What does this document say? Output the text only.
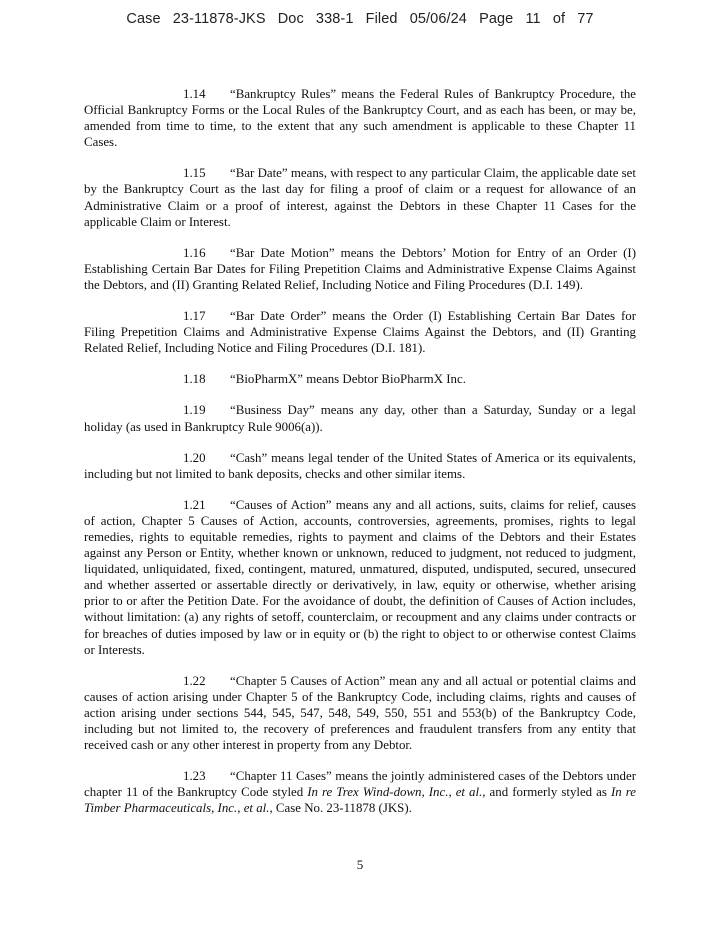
Case 23-11878-JKS Doc 338-1 Filed 05/06/24 Page 11 of 77

1.14 “Bankruptcy Rules” means the Federal Rules of Bankruptcy Procedure, the Official Bankruptcy Forms or the Local Rules of the Bankruptcy Court, and as each has been, or may be, amended from time to time, to the extent that any such amendment is applicable to these Chapter 11 Cases.

1.15 “Bar Date” means, with respect to any particular Claim, the applicable date set by the Bankruptcy Court as the last day for filing a proof of claim or a request for allowance of an Administrative Claim or a proof of interest, against the Debtors in these Chapter 11 Cases for the applicable Claim or Interest.

1.16 “Bar Date Motion” means the Debtors’ Motion for Entry of an Order (I) Establishing Certain Bar Dates for Filing Prepetition Claims and Administrative Expense Claims Against the Debtors, and (II) Granting Related Relief, Including Notice and Filing Procedures (D.I. 149).

1.17 “Bar Date Order” means the Order (I) Establishing Certain Bar Dates for Filing Prepetition Claims and Administrative Expense Claims Against the Debtors, and (II) Granting Related Relief, Including Notice and Filing Procedures (D.I. 181).

1.18 “BioPharmX” means Debtor BioPharmX Inc.

1.19 “Business Day” means any day, other than a Saturday, Sunday or a legal holiday (as used in Bankruptcy Rule 9006(a)).

1.20 “Cash” means legal tender of the United States of America or its equivalents, including but not limited to bank deposits, checks and other similar items.

1.21 “Causes of Action” means any and all actions, suits, claims for relief, causes of action, Chapter 5 Causes of Action, accounts, controversies, agreements, promises, rights to legal remedies, rights to equitable remedies, rights to payment and claims of the Debtors and their Estates against any Person or Entity, whether known or unknown, reduced to judgment, not reduced to judgment, liquidated, unliquidated, fixed, contingent, matured, unmatured, disputed, undisputed, secured, unsecured and whether asserted or assertable directly or derivatively, in law, equity or otherwise, whether arising prior to or after the Petition Date. For the avoidance of doubt, the definition of Causes of Action includes, without limitation: (a) any rights of setoff, counterclaim, or recoupment and any claims under contracts or for breaches of duties imposed by law or in equity or (b) the right to object to or otherwise contest Claims or Interests.

1.22 “Chapter 5 Causes of Action” mean any and all actual or potential claims and causes of action arising under Chapter 5 of the Bankruptcy Code, including claims, rights and causes of action arising under sections 544, 545, 547, 548, 549, 550, 551 and 553(b) of the Bankruptcy Code, including but not limited to, the recovery of preferences and fraudulent transfers from any entity that received cash or any other interest in property from any Debtor.

1.23 “Chapter 11 Cases” means the jointly administered cases of the Debtors under chapter 11 of the Bankruptcy Code styled In re Trex Wind-down, Inc., et al., and formerly styled as In re Timber Pharmaceuticals, Inc., et al., Case No. 23-11878 (JKS).

5
